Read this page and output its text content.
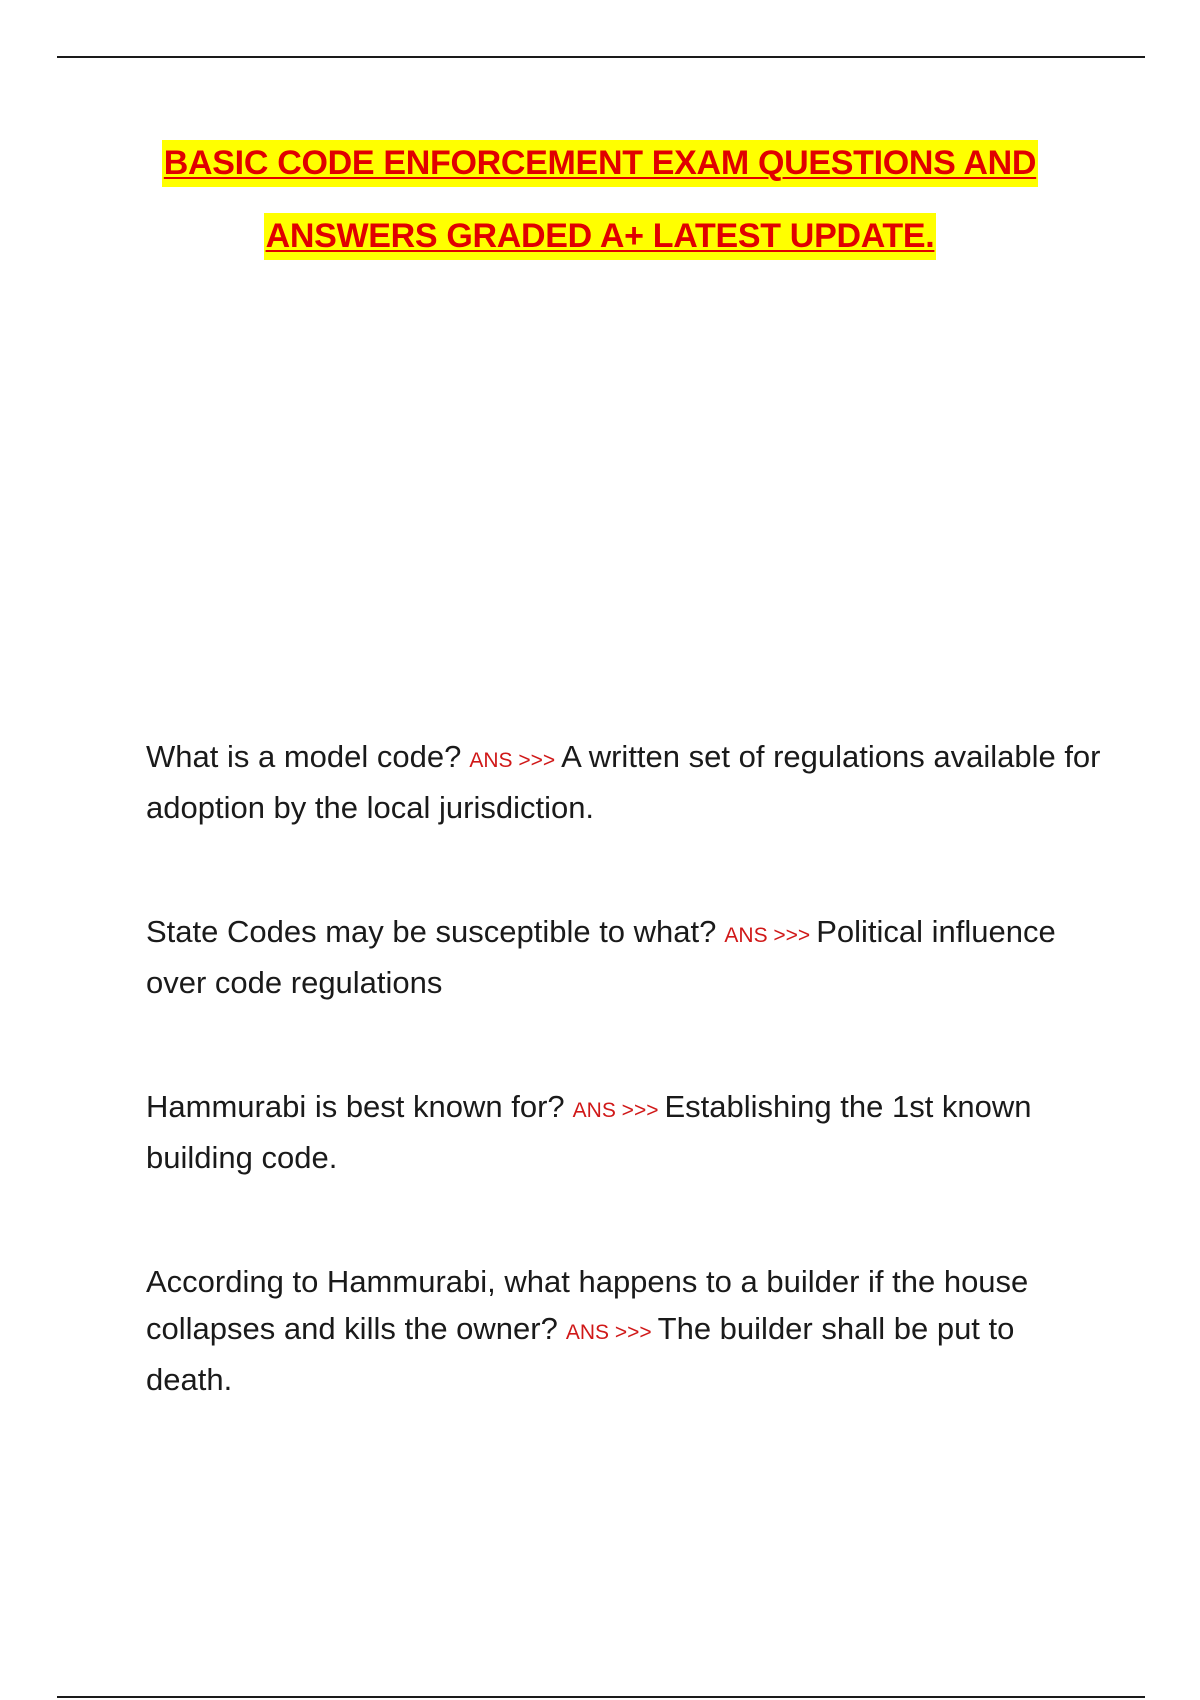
BASIC CODE ENFORCEMENT EXAM QUESTIONS AND
ANSWERS GRADED A+ LATEST UPDATE.
What is a model code? ANS >>> A written set of regulations available for adoption by the local jurisdiction.
State Codes may be susceptible to what? ANS >>> Political influence over code regulations
Hammurabi is best known for? ANS >>> Establishing the 1st known building code.
According to Hammurabi, what happens to a builder if the house collapses and kills the owner? ANS >>> The builder shall be put to death.
